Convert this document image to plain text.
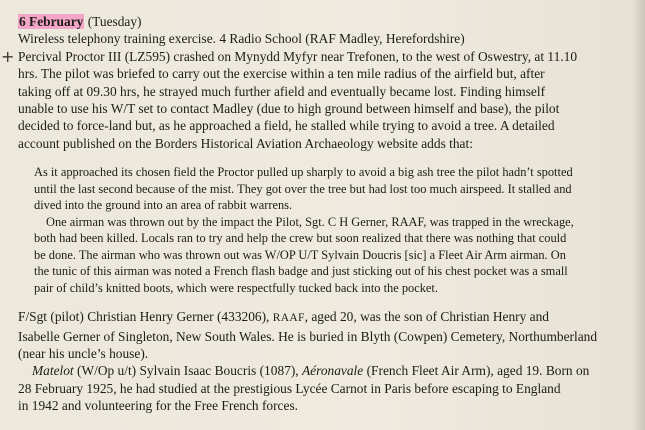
+
6 February (Tuesday)
Wireless telephony training exercise. 4 Radio School (RAF Madley, Herefordshire)
Percival Proctor III (LZ595) crashed on Mynydd Myfyr near Trefonen, to the west of Oswestry, at 11.10
hrs. The pilot was briefed to carry out the exercise within a ten mile radius of the airfield but, after
taking off at 09.30 hrs, he strayed much further afield and eventually became lost. Finding himself
unable to use his W/T set to contact Madley (due to high ground between himself and base), the pilot
decided to force-land but, as he approached a field, he stalled while trying to avoid a tree. A detailed
account published on the Borders Historical Aviation Archaeology website adds that:
As it approached its chosen field the Proctor pulled up sharply to avoid a big ash tree the pilot hadn’t spotted
until the last second because of the mist. They got over the tree but had lost too much airspeed. It stalled and
dived into the ground into an area of rabbit warrens.
One airman was thrown out by the impact the Pilot, Sgt. C H Gerner, RAAF, was trapped in the wreckage,
both had been killed. Locals ran to try and help the crew but soon realized that there was nothing that could
be done. The airman who was thrown out was W/OP U/T Sylvain Doucris [sic] a Fleet Air Arm airman. On
the tunic of this airman was noted a French flash badge and just sticking out of his chest pocket was a small
pair of child’s knitted boots, which were respectfully tucked back into the pocket.
F/Sgt (pilot) Christian Henry Gerner (433206), RAAF, aged 20, was the son of Christian Henry and
Isabelle Gerner of Singleton, New South Wales. He is buried in Blyth (Cowpen) Cemetery, Northumberland
(near his uncle’s house).
Matelot (W/Op u/t) Sylvain Isaac Boucris (1087), Aéronavale (French Fleet Air Arm), aged 19. Born on
28 February 1925, he had studied at the prestigious Lycée Carnot in Paris before escaping to England
in 1942 and volunteering for the Free French forces.
